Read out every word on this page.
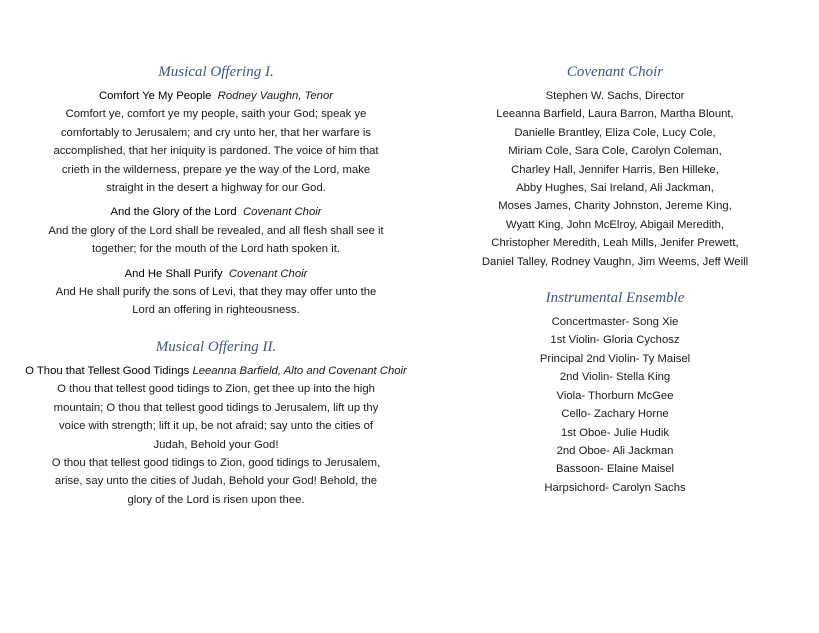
Musical Offering I.
Comfort Ye My People Rodney Vaughn, Tenor

Comfort ye, comfort ye my people, saith your God; speak ye

comfortably to Jerusalem; and cry unto her, that her warfare is

accomplished, that her iniquity is pardoned. The voice of him that

crieth in the wilderness, prepare ye the way of the Lord, make

straight in the desert a highway for our God.

And the Glory of the Lord Covenant Choir

And the glory of the Lord shall be revealed, and all flesh shall see it

together; for the mouth of the Lord hath spoken it.

And He Shall Purify Covenant Choir

And He shall purify the sons of Levi, that they may offer unto the

Lord an offering in righteousness.

Musical Offering II.
O Thou that Tellest Good Tidings Leeanna Barfield, Alto and Covenant Choir

O thou that tellest good tidings to Zion, get thee up into the high

mountain; O thou that tellest good tidings to Jerusalem, lift up thy

voice with strength; lift it up, be not afraid; say unto the cities of

Judah, Behold your God!

O thou that tellest good tidings to Zion, good tidings to Jerusalem,

arise, say unto the cities of Judah, Behold your God! Behold, the

glory of the Lord is risen upon thee.

Covenant Choir

Stephen W. Sachs, Director

Leeanna Barfield, Laura Barron, Martha Blount,

Danielle Brantley, Eliza Cole, Lucy Cole,

Miriam Cole, Sara Cole, Carolyn Coleman,

Charley Hall, Jennifer Harris, Ben Hilleke,

Abby Hughes, Sai Ireland, Ali Jackman,

Moses James, Charity Johnston, Jereme King,

Wyatt King, John McElroy, Abigail Meredith,

Christopher Meredith, Leah Mills, Jenifer Prewett,

Daniel Talley, Rodney Vaughn, Jim Weems, Jeff Weill

Instrumental Ensemble

Concertmaster- Song Xie

1st Violin- Gloria Cychosz

Principal 2nd Violin- Ty Maisel

2nd Violin- Stella King

Viola- Thorburn McGee

Cello- Zachary Horne

1st Oboe- Julie Hudik

2nd Oboe- Ali Jackman

Bassoon- Elaine Maisel

Harpsichord- Carolyn Sachs
